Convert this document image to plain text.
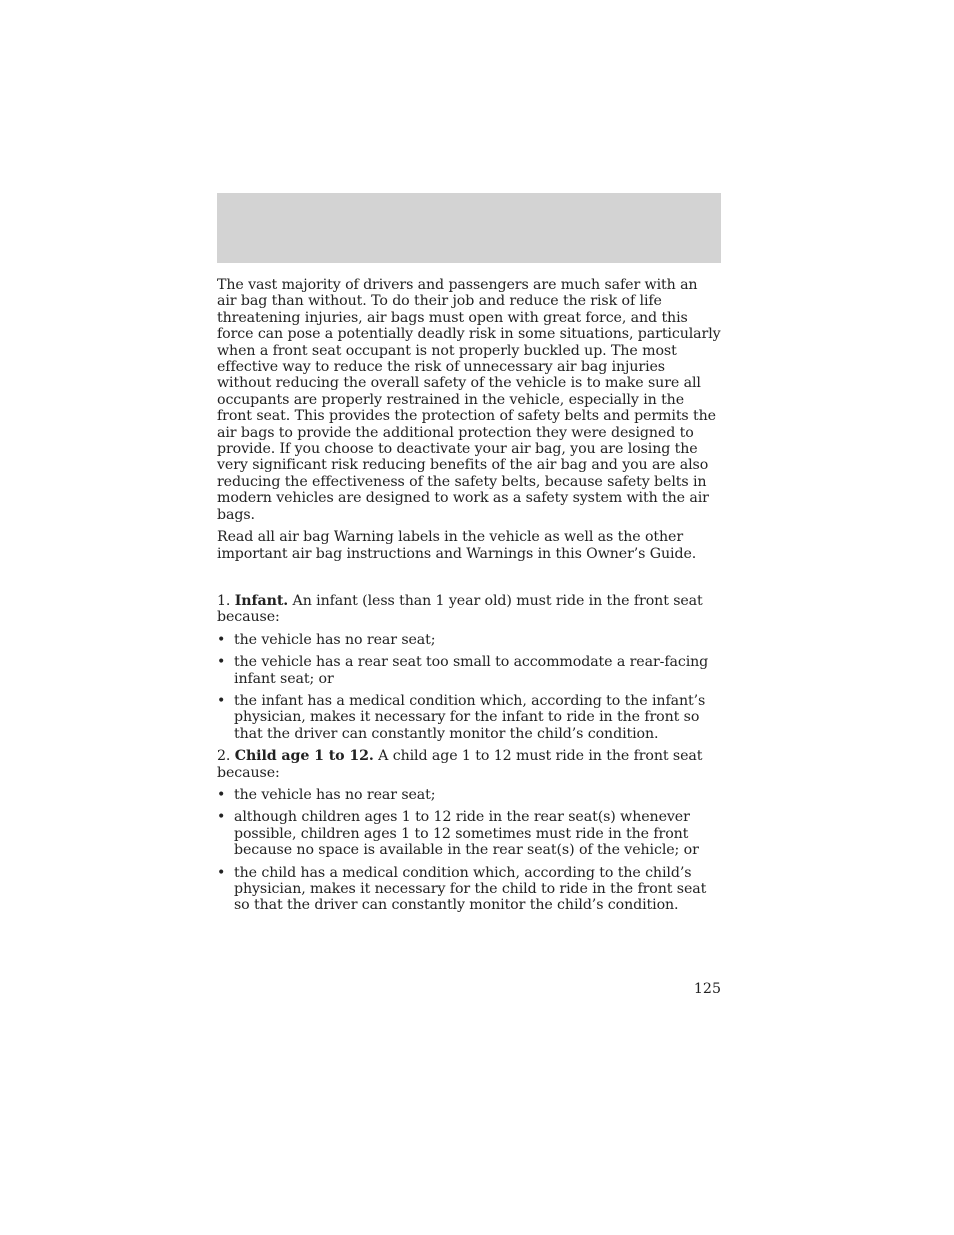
The vast majority of drivers and passengers are much safer with an air bag than without. To do their job and reduce the risk of life threatening injuries, air bags must open with great force, and this force can pose a potentially deadly risk in some situations, particularly when a front seat occupant is not properly buckled up. The most effective way to reduce the risk of unnecessary air bag injuries without reducing the overall safety of the vehicle is to make sure all occupants are properly restrained in the vehicle, especially in the front seat. This provides the protection of safety belts and permits the air bags to provide the additional protection they were designed to provide. If you choose to deactivate your air bag, you are losing the very significant risk reducing benefits of the air bag and you are also reducing the effectiveness of the safety belts, because safety belts in modern vehicles are designed to work as a safety system with the air bags.

Read all air bag Warning labels in the vehicle as well as the other important air bag instructions and Warnings in this Owner’s Guide.

1. Infant. An infant (less than 1 year old) must ride in the front seat because:

• the vehicle has no rear seat;
• the vehicle has a rear seat too small to accommodate a rear-facing infant seat; or
• the infant has a medical condition which, according to the infant’s physician, makes it necessary for the infant to ride in the front so that the driver can constantly monitor the child’s condition.

2. Child age 1 to 12. A child age 1 to 12 must ride in the front seat because:

• the vehicle has no rear seat;
• although children ages 1 to 12 ride in the rear seat(s) whenever possible, children ages 1 to 12 sometimes must ride in the front because no space is available in the rear seat(s) of the vehicle; or
• the child has a medical condition which, according to the child’s physician, makes it necessary for the child to ride in the front seat so that the driver can constantly monitor the child’s condition.
125
